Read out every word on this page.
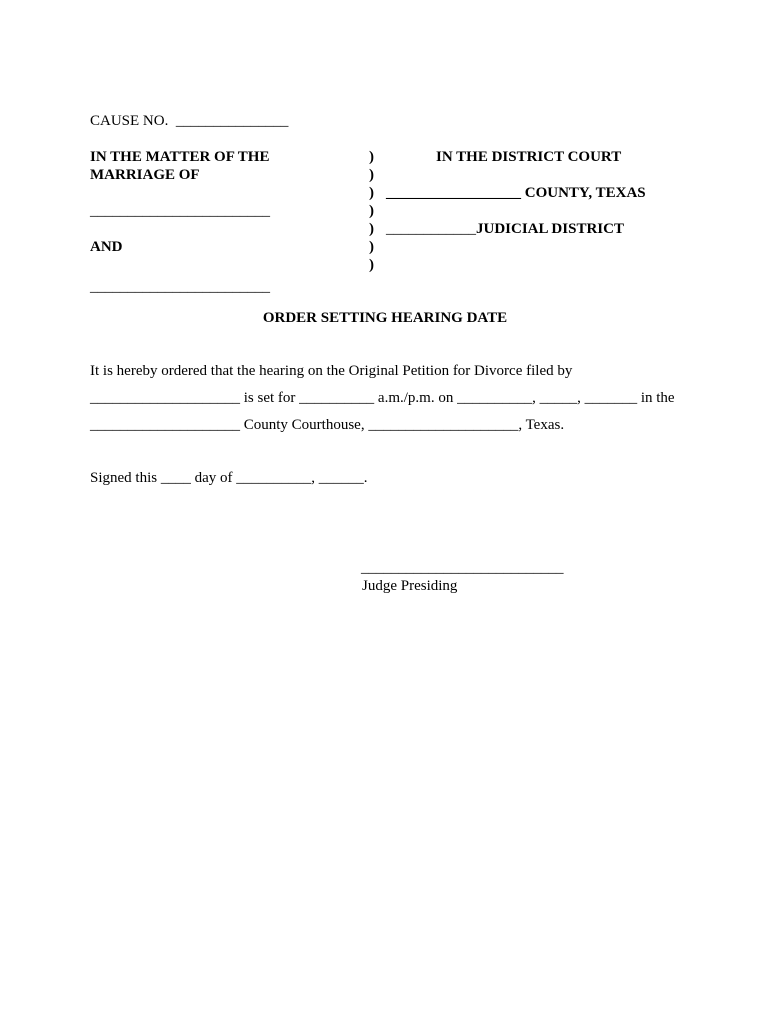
CAUSE NO.  _______________
IN THE MATTER OF THE
MARRIAGE OF
________________________
AND
________________________
)
)
)
)
)
)
)
IN THE DISTRICT COURT
__________________ COUNTY, TEXAS
____________JUDICIAL DISTRICT
ORDER SETTING HEARING DATE
It is hereby ordered that the hearing on the Original Petition for Divorce filed by
____________________ is set for __________ a.m./p.m. on __________, _____, _______ in the
____________________ County Courthouse, ____________________, Texas.
Signed this ____ day of __________, ______.
___________________________
Judge Presiding
